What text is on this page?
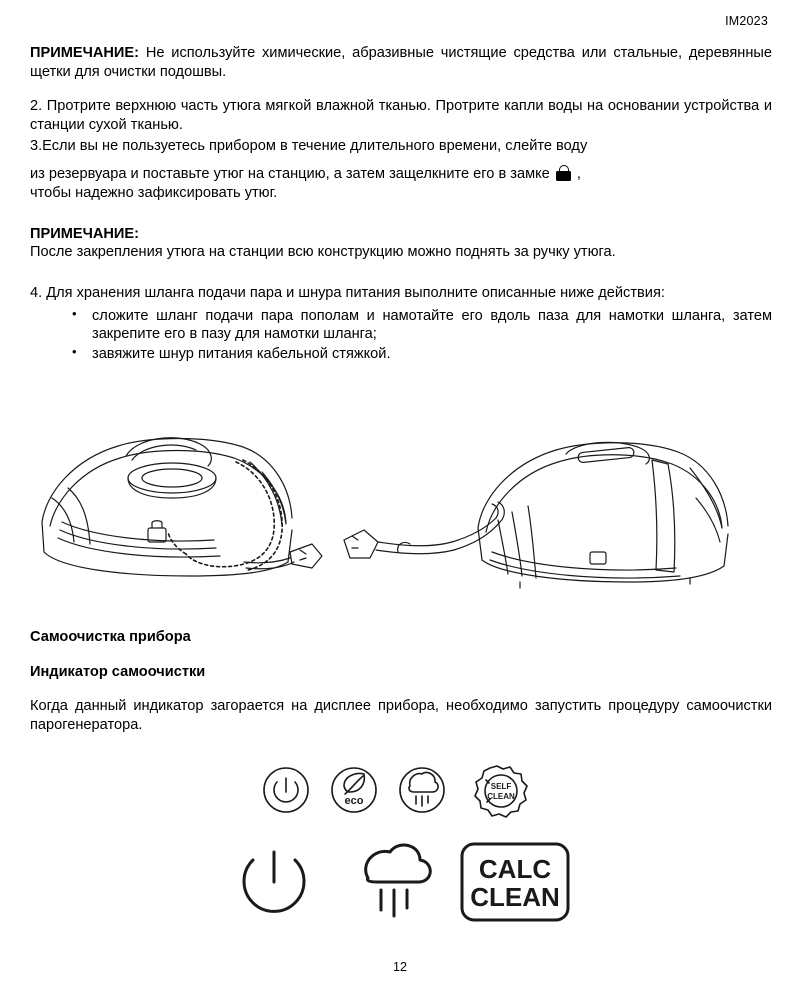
IM2023

ПРИМЕЧАНИЕ: Не используйте химические, абразивные чистящие средства или стальные, деревянные щетки для очистки подошвы.

2. Протрите верхнюю часть утюга мягкой влажной тканью. Протрите капли воды на основании устройства и станции сухой тканью.

3.Если вы не пользуетесь прибором в течение длительного времени, слейте воду

из резервуара и поставьте утюг на станцию, а затем защелкните его в замке ,

чтобы надежно зафиксировать утюг.

ПРИМЕЧАНИЕ:

После закрепления утюга на станции всю конструкцию можно поднять за ручку утюга.

4. Для хранения шланга подачи пара и шнура питания выполните описанные ниже действия:

• сложите шланг подачи пара пополам и намотайте его вдоль паза для намотки шланга, затем закрепите его в пазу для намотки шланга;
• завяжите шнур питания кабельной стяжкой.

Самоочистка прибора

Индикатор самоочистки

Когда данный индикатор загорается на дисплее прибора, необходимо запустить процедуру самоочистки парогенератора.

eco
SELF
CLEAN
CALC
CLEAN
12
